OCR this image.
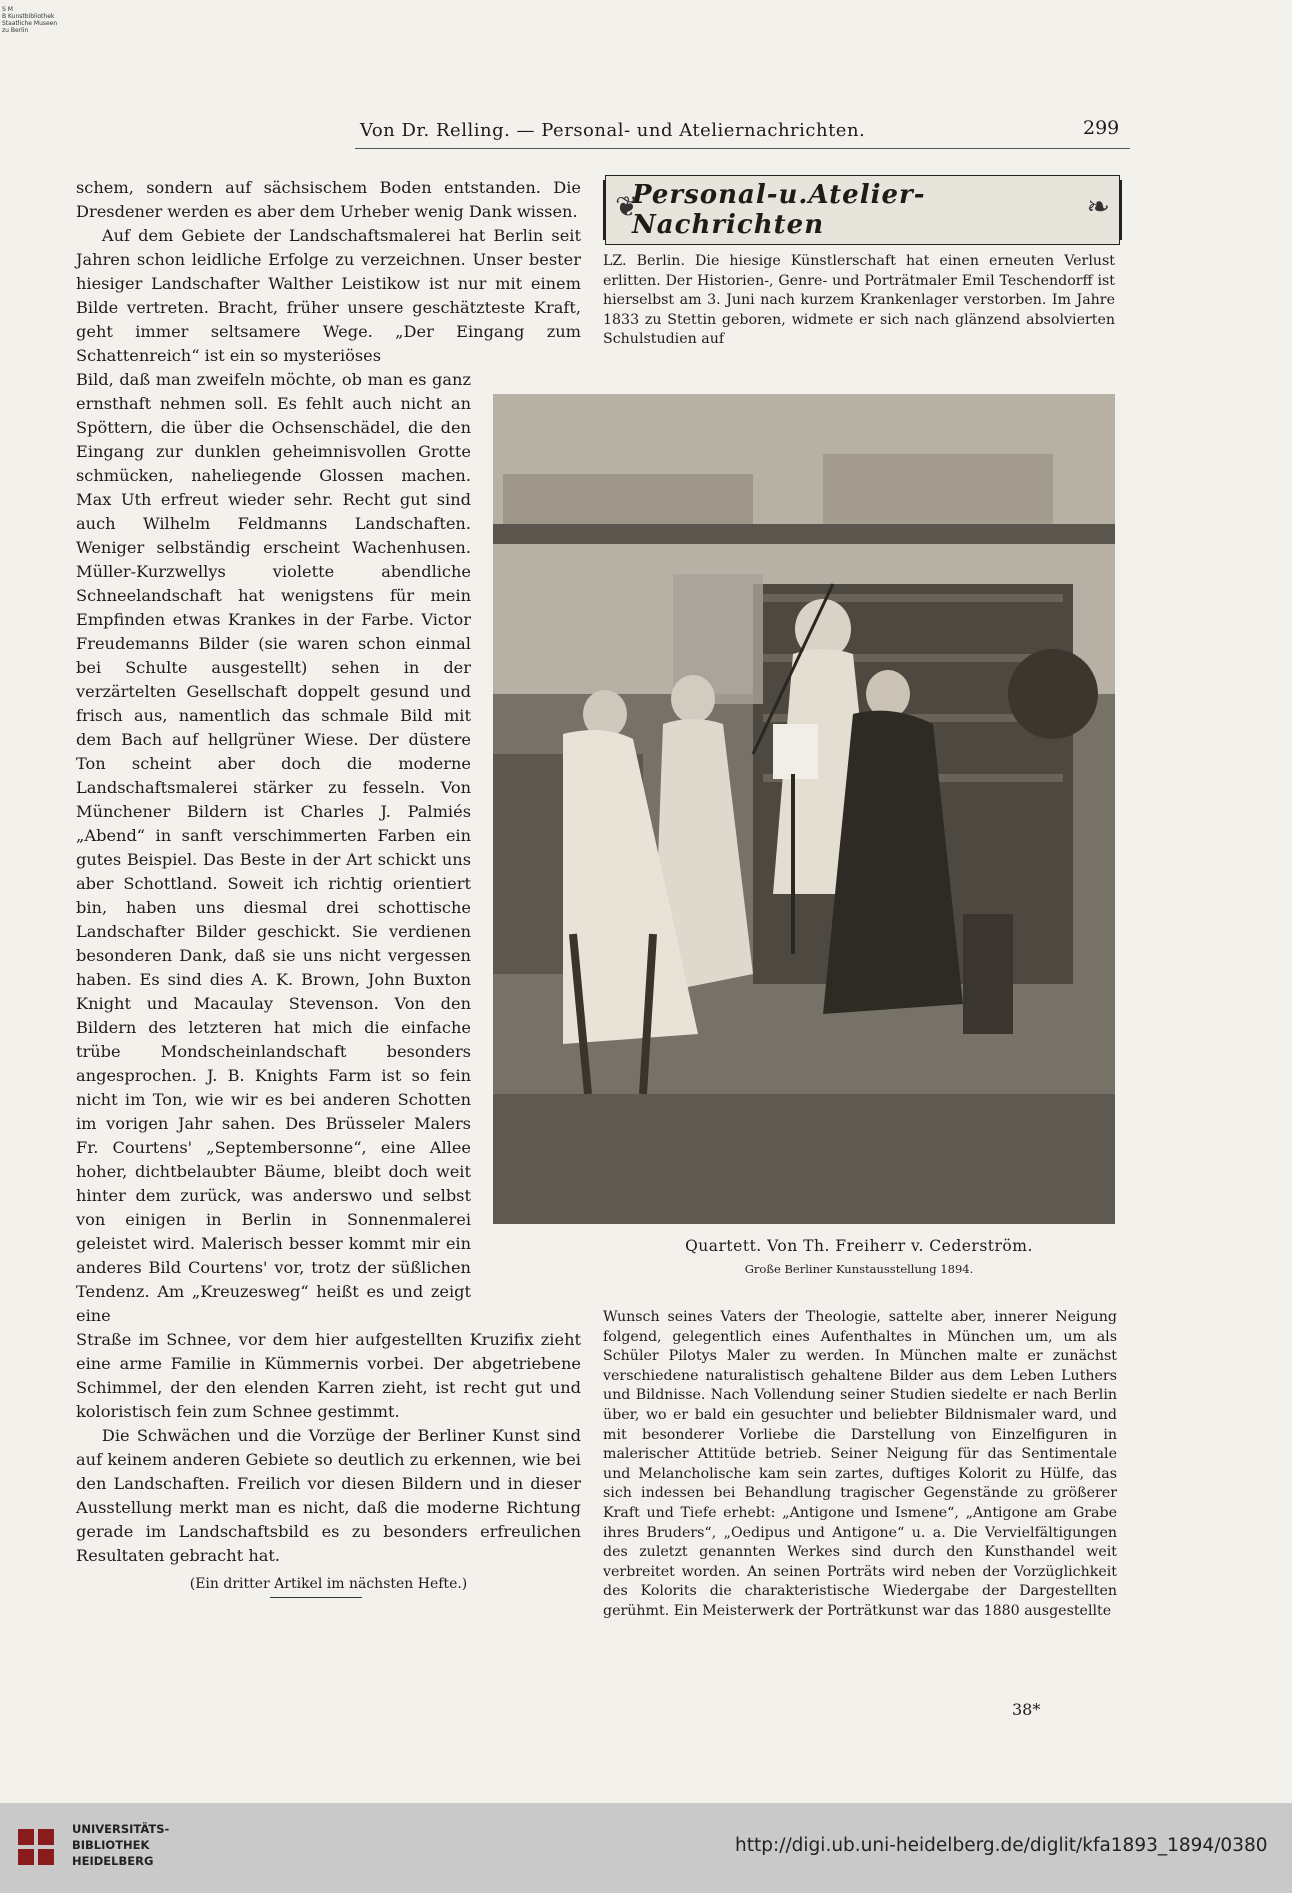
S M
B Kunstbibliothek
Staatliche Museen
zu Berlin
Von Dr. Relling. — Personal- und Ateliernachrichten.	299

schem, sondern auf sächsischem Boden entstanden. Die Dresdener werden es aber dem Urheber wenig Dank wissen.

Auf dem Gebiete der Landschaftsmalerei hat Berlin seit Jahren schon leidliche Erfolge zu verzeichnen. Unser bester hiesiger Landschafter Walther Leistikow ist nur mit einem Bilde vertreten. Bracht, früher unsere geschätzteste Kraft, geht immer seltsamere Wege. „Der Eingang zum Schattenreich“ ist ein so mysteriöses

Bild, daß man zweifeln möchte, ob man es ganz ernsthaft nehmen soll. Es fehlt auch nicht an Spöttern, die über die Ochsenschädel, die den Eingang zur dunklen geheimnisvollen Grotte schmücken, naheliegende Glossen machen. Max Uth erfreut wieder sehr. Recht gut sind auch Wilhelm Feldmanns Landschaften. Weniger selbständig erscheint Wachenhusen. Müller-Kurzwellys violette abendliche Schneelandschaft hat wenigstens für mein Empfinden etwas Krankes in der Farbe. Victor Freudemanns Bilder (sie waren schon einmal bei Schulte ausgestellt) sehen in der verzärtelten Gesellschaft doppelt gesund und frisch aus, namentlich das schmale Bild mit dem Bach auf hellgrüner Wiese. Der düstere Ton scheint aber doch die moderne Landschaftsmalerei stärker zu fesseln. Von Münchener Bildern ist Charles J. Palmiés „Abend“ in sanft verschimmerten Farben ein gutes Beispiel. Das Beste in der Art schickt uns aber Schottland. Soweit ich richtig orientiert bin, haben uns diesmal drei schottische Landschafter Bilder geschickt. Sie verdienen besonderen Dank, daß sie uns nicht vergessen haben. Es sind dies A. K. Brown, John Buxton Knight und Macaulay Stevenson. Von den Bildern des letzteren hat mich die einfache trübe Mondscheinlandschaft besonders angesprochen. J. B. Knights Farm ist so fein nicht im Ton, wie wir es bei anderen Schotten im vorigen Jahr sahen. Des Brüsseler Malers Fr. Courtens' „Septembersonne“, eine Allee hoher, dichtbelaubter Bäume, bleibt doch weit hinter dem zurück, was anderswo und selbst von einigen in Berlin in Sonnenmalerei geleistet wird. Malerisch besser kommt mir ein anderes Bild Courtens' vor, trotz der süßlichen Tendenz. Am „Kreuzesweg“ heißt es und zeigt eine

Straße im Schnee, vor dem hier aufgestellten Kruzifix zieht eine arme Familie in Kümmernis vorbei. Der abgetriebene Schimmel, der den elenden Karren zieht, ist recht gut und koloristisch fein zum Schnee gestimmt.

Die Schwächen und die Vorzüge der Berliner Kunst sind auf keinem anderen Gebiete so deutlich zu erkennen, wie bei den Landschaften. Freilich vor diesen Bildern und in dieser Ausstellung merkt man es nicht, daß die moderne Richtung gerade im Landschaftsbild es zu besonders erfreulichen Resultaten gebracht hat.

(Ein dritter Artikel im nächsten Hefte.)

❦
Personal-u.Atelier-Nachrichten
❧
LZ. Berlin. Die hiesige Künstlerschaft hat einen erneuten Verlust erlitten. Der Historien-, Genre- und Porträtmaler Emil Teschendorff ist hierselbst am 3. Juni nach kurzem Krankenlager verstorben. Im Jahre 1833 zu Stettin geboren, widmete er sich nach glänzend absolvierten Schulstudien auf
Quartett. Von Th. Freiherr v. Cederström.
Große Berliner Kunstausstellung 1894.
Wunsch seines Vaters der Theologie, sattelte aber, innerer Neigung folgend, gelegentlich eines Aufenthaltes in München um, um als Schüler Pilotys Maler zu werden. In München malte er zunächst verschiedene naturalistisch gehaltene Bilder aus dem Leben Luthers und Bildnisse. Nach Vollendung seiner Studien siedelte er nach Berlin über, wo er bald ein gesuchter und beliebter Bildnismaler ward, und mit besonderer Vorliebe die Darstellung von Einzelfiguren in malerischer Attitüde betrieb. Seiner Neigung für das Sentimentale und Melancholische kam sein zartes, duftiges Kolorit zu Hülfe, das sich indessen bei Behandlung tragischer Gegenstände zu größerer Kraft und Tiefe erhebt: „Antigone und Ismene“, „Antigone am Grabe ihres Bruders“, „Oedipus und Antigone“ u. a. Die Vervielfältigungen des zuletzt genannten Werkes sind durch den Kunsthandel weit verbreitet worden. An seinen Porträts wird neben der Vorzüglichkeit des Kolorits die charakteristische Wiedergabe der Dargestellten gerühmt. Ein Meisterwerk der Porträtkunst war das 1880 ausgestellte
38*
UNIVERSITÄTS-
BIBLIOTHEK
HEIDELBERG
http://digi.ub.uni-heidelberg.de/diglit/kfa1893_1894/0380
